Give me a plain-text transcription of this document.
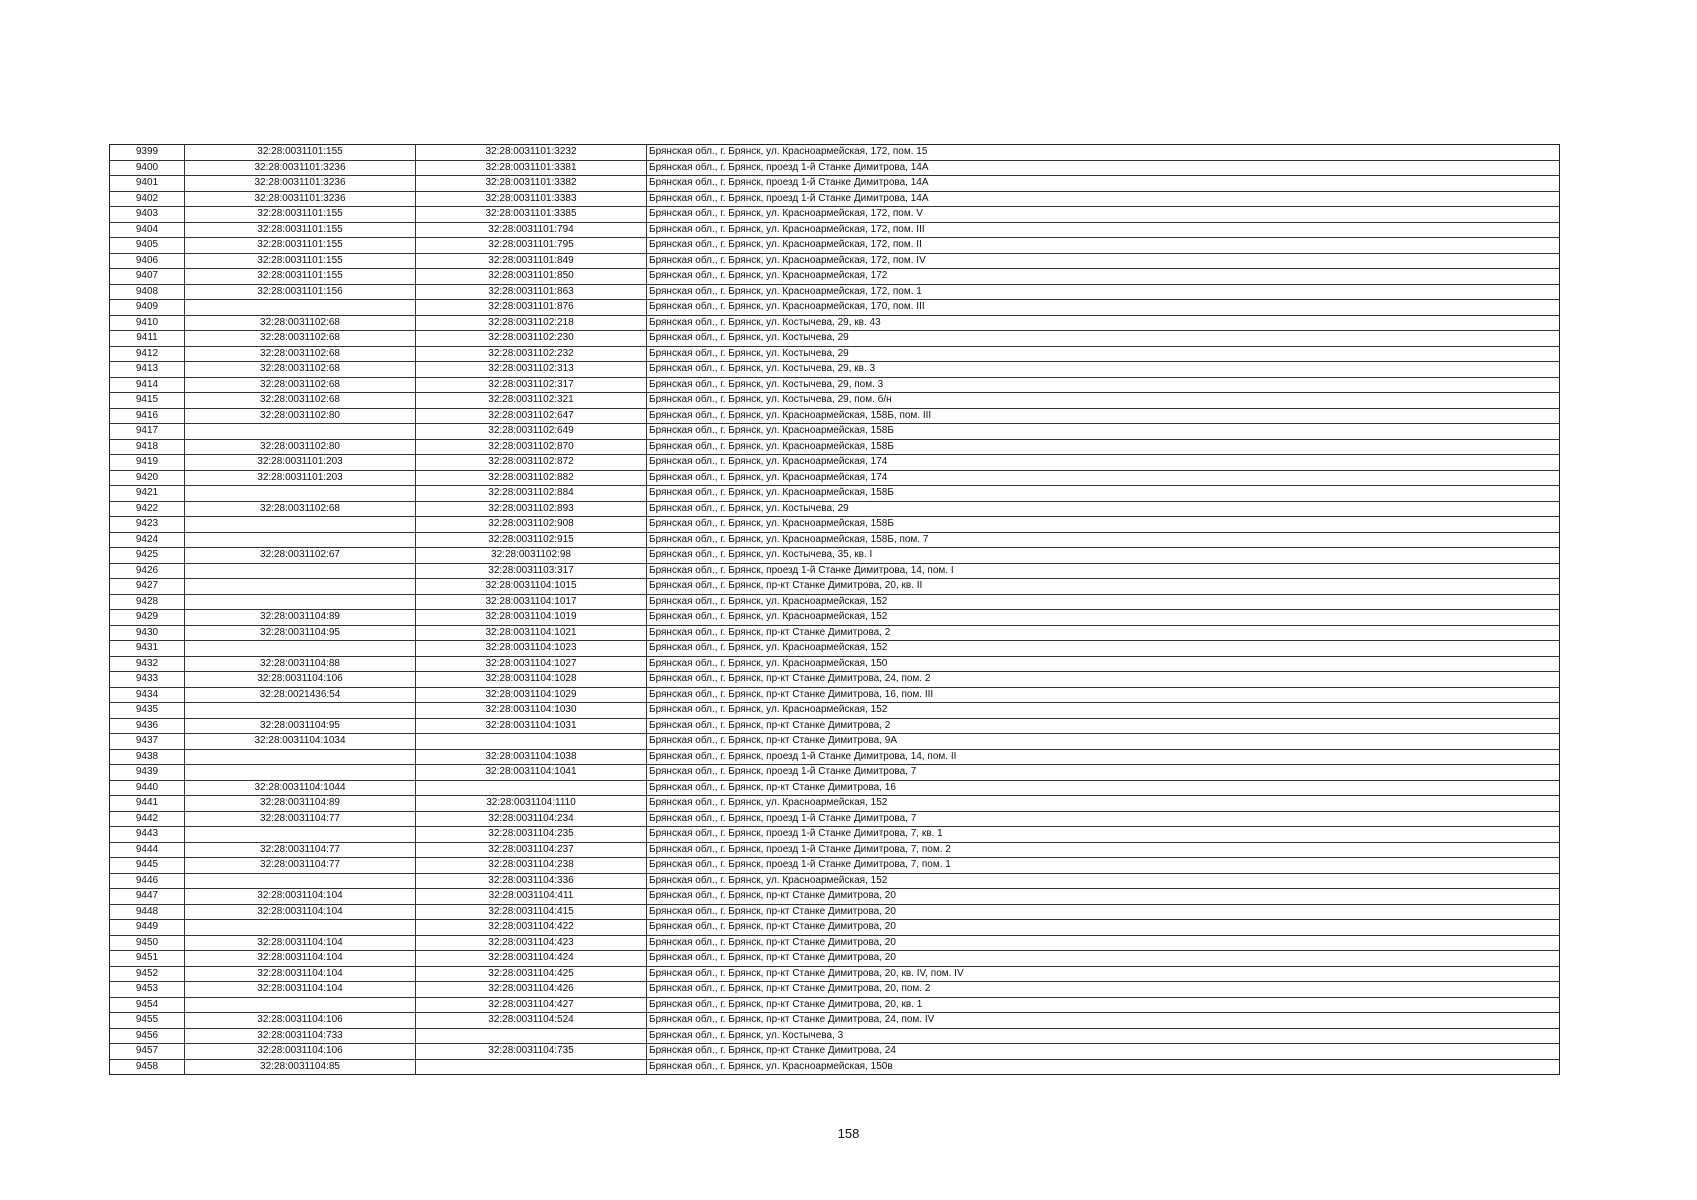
9399	32:28:0031101:155	32:28:0031101:3232	Брянская обл., г. Брянск, ул. Красноармейская, 172, пом. 15
9400	32:28:0031101:3236	32:28:0031101:3381	Брянская обл., г. Брянск, проезд 1-й Станке Димитрова, 14А
9401	32:28:0031101:3236	32:28:0031101:3382	Брянская обл., г. Брянск, проезд 1-й Станке Димитрова, 14А
9402	32:28:0031101:3236	32:28:0031101:3383	Брянская обл., г. Брянск, проезд 1-й Станке Димитрова, 14А
9403	32:28:0031101:155	32:28:0031101:3385	Брянская обл., г. Брянск, ул. Красноармейская, 172, пом. V
9404	32:28:0031101:155	32:28:0031101:794	Брянская обл., г. Брянск, ул. Красноармейская, 172, пом. III
9405	32:28:0031101:155	32:28:0031101:795	Брянская обл., г. Брянск, ул. Красноармейская, 172, пом. II
9406	32:28:0031101:155	32:28:0031101:849	Брянская обл., г. Брянск, ул. Красноармейская, 172, пом. IV
9407	32:28:0031101:155	32:28:0031101:850	Брянская обл., г. Брянск, ул. Красноармейская, 172
9408	32:28:0031101:156	32:28:0031101:863	Брянская обл., г. Брянск, ул. Красноармейская, 172, пом. 1
9409		32:28:0031101:876	Брянская обл., г. Брянск, ул. Красноармейская, 170, пом. III
9410	32:28:0031102:68	32:28:0031102:218	Брянская обл., г. Брянск, ул. Костычева, 29, кв. 43
9411	32:28:0031102:68	32:28:0031102:230	Брянская обл., г. Брянск, ул. Костычева, 29
9412	32:28:0031102:68	32:28:0031102:232	Брянская обл., г. Брянск, ул. Костычева, 29
9413	32:28:0031102:68	32:28:0031102:313	Брянская обл., г. Брянск, ул. Костычева, 29, кв. 3
9414	32:28:0031102:68	32:28:0031102:317	Брянская обл., г. Брянск, ул. Костычева, 29, пом. 3
9415	32:28:0031102:68	32:28:0031102:321	Брянская обл., г. Брянск, ул. Костычева, 29, пом. б/н
9416	32:28:0031102:80	32:28:0031102:647	Брянская обл., г. Брянск, ул. Красноармейская, 158Б, пом. III
9417		32:28:0031102:649	Брянская обл., г. Брянск, ул. Красноармейская, 158Б
9418	32:28:0031102:80	32:28:0031102:870	Брянская обл., г. Брянск, ул. Красноармейская, 158Б
9419	32:28:0031101:203	32:28:0031102:872	Брянская обл., г. Брянск, ул. Красноармейская, 174
9420	32:28:0031101:203	32:28:0031102:882	Брянская обл., г. Брянск, ул. Красноармейская, 174
9421		32:28:0031102:884	Брянская обл., г. Брянск, ул. Красноармейская, 158Б
9422	32:28:0031102:68	32:28:0031102:893	Брянская обл., г. Брянск, ул. Костычева, 29
9423		32:28:0031102:908	Брянская обл., г. Брянск, ул. Красноармейская, 158Б
9424		32:28:0031102:915	Брянская обл., г. Брянск, ул. Красноармейская, 158Б, пом. 7
9425	32:28:0031102:67	32:28:0031102:98	Брянская обл., г. Брянск, ул. Костычева, 35, кв. I
9426		32:28:0031103:317	Брянская обл., г. Брянск, проезд 1-й Станке Димитрова, 14, пом. I
9427		32:28:0031104:1015	Брянская обл., г. Брянск, пр-кт Станке Димитрова, 20, кв. II
9428		32:28:0031104:1017	Брянская обл., г. Брянск, ул. Красноармейская, 152
9429	32:28:0031104:89	32:28:0031104:1019	Брянская обл., г. Брянск, ул. Красноармейская, 152
9430	32:28:0031104:95	32:28:0031104:1021	Брянская обл., г. Брянск, пр-кт Станке Димитрова, 2
9431		32:28:0031104:1023	Брянская обл., г. Брянск, ул. Красноармейская, 152
9432	32:28:0031104:88	32:28:0031104:1027	Брянская обл., г. Брянск, ул. Красноармейская, 150
9433	32:28:0031104:106	32:28:0031104:1028	Брянская обл., г. Брянск, пр-кт Станке Димитрова, 24, пом. 2
9434	32:28:0021436:54	32:28:0031104:1029	Брянская обл., г. Брянск, пр-кт Станке Димитрова, 16, пом. III
9435		32:28:0031104:1030	Брянская обл., г. Брянск, ул. Красноармейская, 152
9436	32:28:0031104:95	32:28:0031104:1031	Брянская обл., г. Брянск, пр-кт Станке Димитрова, 2
9437	32:28:0031104:1034		Брянская обл., г. Брянск, пр-кт Станке Димитрова, 9А
9438		32:28:0031104:1038	Брянская обл., г. Брянск, проезд 1-й Станке Димитрова, 14, пом. II
9439		32:28:0031104:1041	Брянская обл., г. Брянск, проезд 1-й Станке Димитрова, 7
9440	32:28:0031104:1044		Брянская обл., г. Брянск, пр-кт Станке Димитрова, 16
9441	32:28:0031104:89	32:28:0031104:1110	Брянская обл., г. Брянск, ул. Красноармейская, 152
9442	32:28:0031104:77	32:28:0031104:234	Брянская обл., г. Брянск, проезд 1-й Станке Димитрова, 7
9443		32:28:0031104:235	Брянская обл., г. Брянск, проезд 1-й Станке Димитрова, 7, кв. 1
9444	32:28:0031104:77	32:28:0031104:237	Брянская обл., г. Брянск, проезд 1-й Станке Димитрова, 7, пом. 2
9445	32:28:0031104:77	32:28:0031104:238	Брянская обл., г. Брянск, проезд 1-й Станке Димитрова, 7, пом. 1
9446		32:28:0031104:336	Брянская обл., г. Брянск, ул. Красноармейская, 152
9447	32:28:0031104:104	32:28:0031104:411	Брянская обл., г. Брянск, пр-кт Станке Димитрова, 20
9448	32:28:0031104:104	32:28:0031104:415	Брянская обл., г. Брянск, пр-кт Станке Димитрова, 20
9449		32:28:0031104:422	Брянская обл., г. Брянск, пр-кт Станке Димитрова, 20
9450	32:28:0031104:104	32:28:0031104:423	Брянская обл., г. Брянск, пр-кт Станке Димитрова, 20
9451	32:28:0031104:104	32:28:0031104:424	Брянская обл., г. Брянск, пр-кт Станке Димитрова, 20
9452	32:28:0031104:104	32:28:0031104:425	Брянская обл., г. Брянск, пр-кт Станке Димитрова, 20, кв. IV, пом. IV
9453	32:28:0031104:104	32:28:0031104:426	Брянская обл., г. Брянск, пр-кт Станке Димитрова, 20, пом. 2
9454		32:28:0031104:427	Брянская обл., г. Брянск, пр-кт Станке Димитрова, 20, кв. 1
9455	32:28:0031104:106	32:28:0031104:524	Брянская обл., г. Брянск, пр-кт Станке Димитрова, 24, пом. IV
9456	32:28:0031104:733		Брянская обл., г. Брянск, ул. Костычева, 3
9457	32:28:0031104:106	32:28:0031104:735	Брянская обл., г. Брянск, пр-кт Станке Димитрова, 24
9458	32:28:0031104:85		Брянская обл., г. Брянск, ул. Красноармейская, 150в
158
